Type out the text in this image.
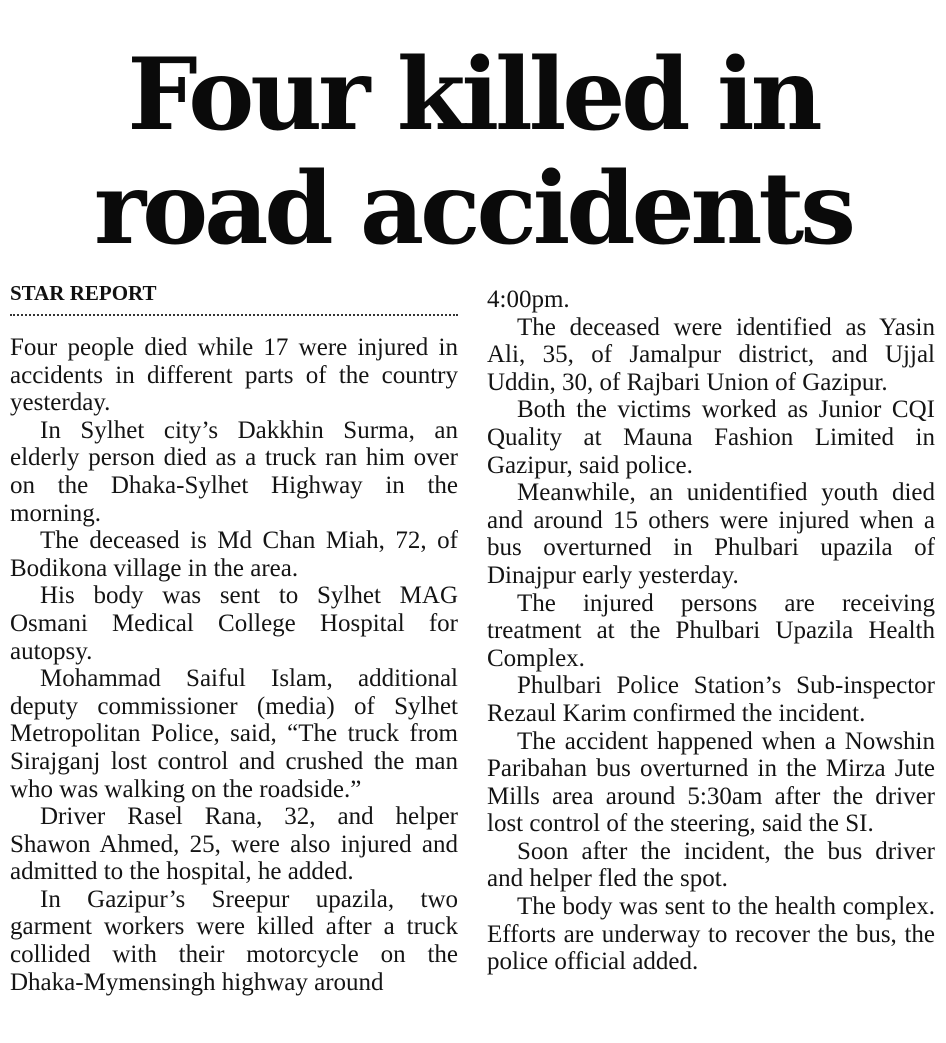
Four killed in
road accidents
STAR REPORT

Four people died while 17 were injured in accidents in different parts of the country yesterday.

In Sylhet city’s Dakkhin Surma, an elderly person died as a truck ran him over on the Dhaka-Sylhet Highway in the morning.

The deceased is Md Chan Miah, 72, of Bodikona village in the area.

His body was sent to Sylhet MAG Osmani Medical College Hospital for autopsy.

Mohammad Saiful Islam, additional deputy commissioner (media) of Sylhet Metropolitan Police, said, “The truck from Sirajganj lost control and crushed the man who was walking on the roadside.”

Driver Rasel Rana, 32, and helper Shawon Ahmed, 25, were also injured and admitted to the hospital, he added.

In Gazipur’s Sreepur upazila, two garment workers were killed after a truck collided with their motorcycle on the Dhaka-Mymensingh highway around

4:00pm.

The deceased were identified as Yasin Ali, 35, of Jamalpur district, and Ujjal Uddin, 30, of Rajbari Union of Gazipur.

Both the victims worked as Junior CQI Quality at Mauna Fashion Limited in Gazipur, said police.

Meanwhile, an unidentified youth died and around 15 others were injured when a bus overturned in Phulbari upazila of Dinajpur early yesterday.

The injured persons are receiving treatment at the Phulbari Upazila Health Complex.

Phulbari Police Station’s Sub-inspector Rezaul Karim confirmed the incident.

The accident happened when a Nowshin Paribahan bus overturned in the Mirza Jute Mills area around 5:30am after the driver lost control of the steering, said the SI.

Soon after the incident, the bus driver and helper fled the spot.

The body was sent to the health complex. Efforts are underway to recover the bus, the police official added.
